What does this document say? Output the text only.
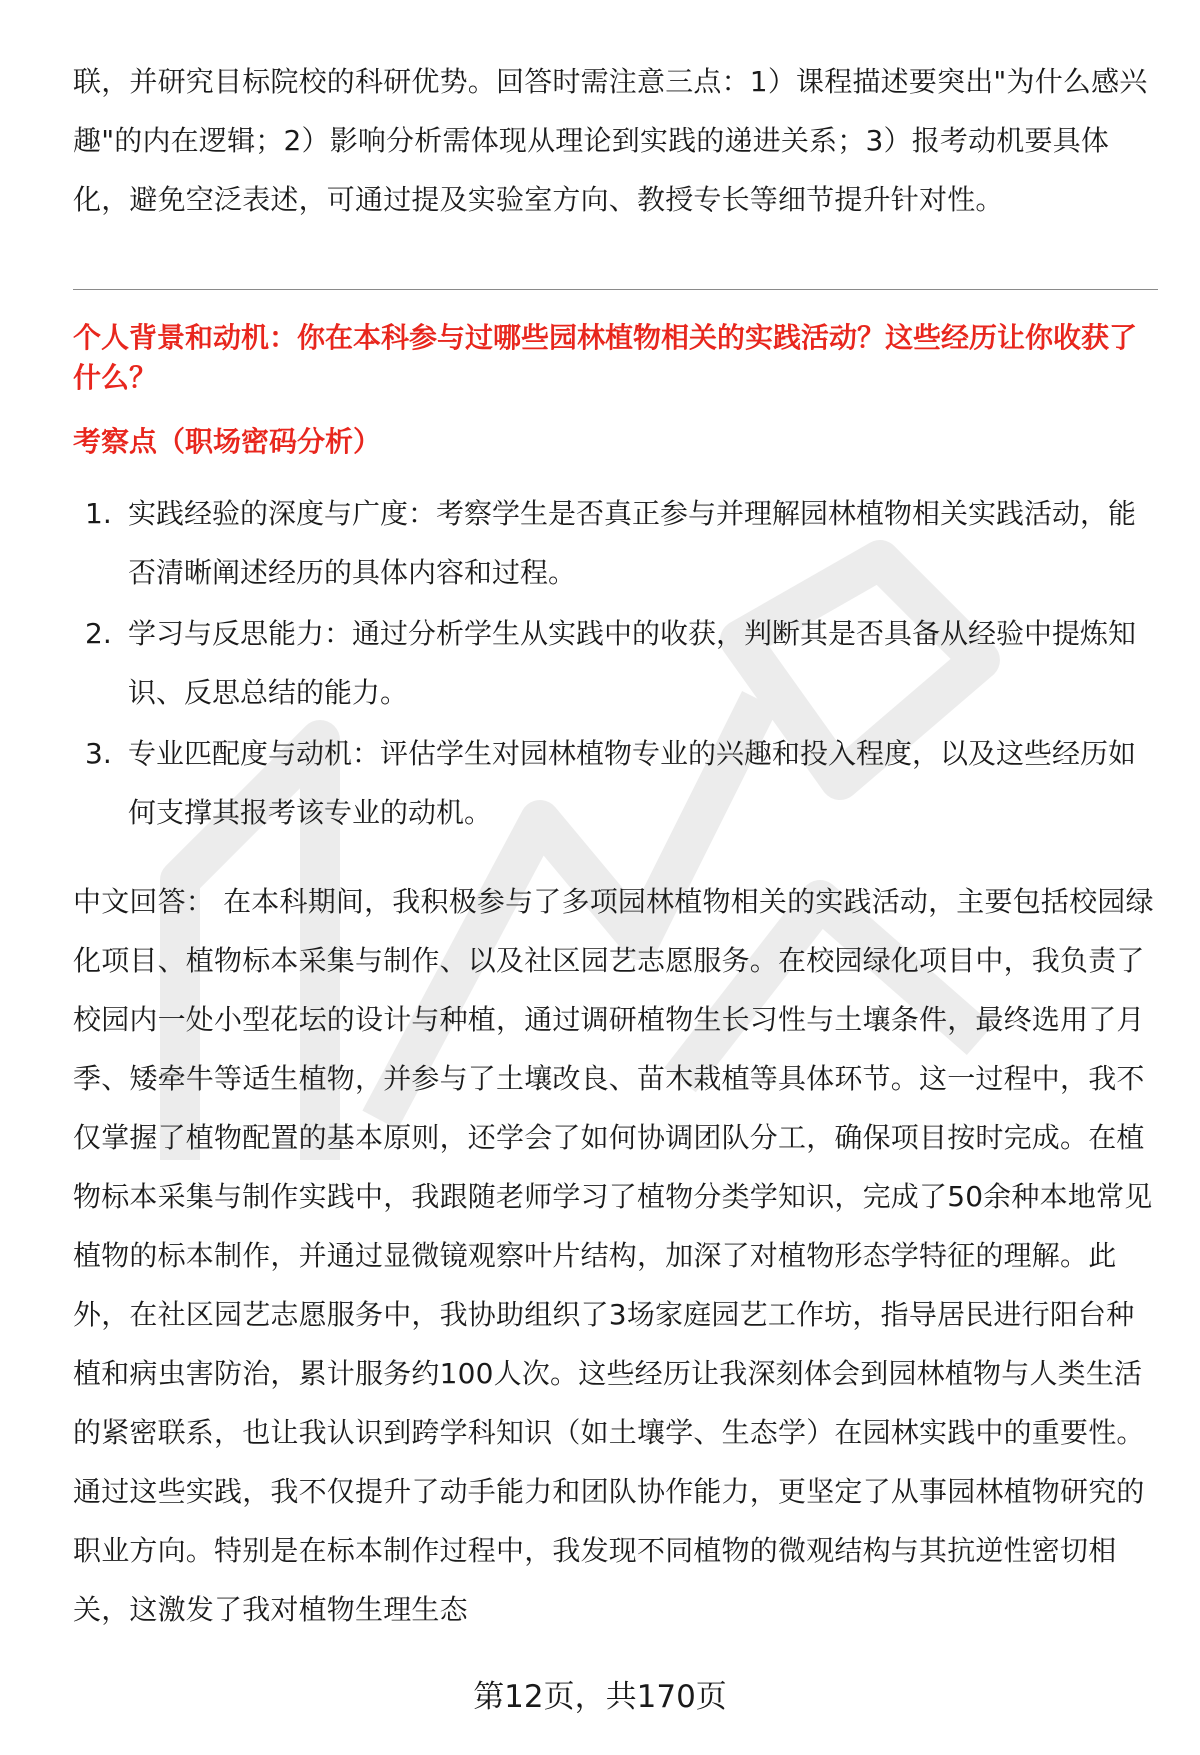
联，并研究目标院校的科研优势。回答时需注意三点：1）课程描述要突出"为什么感兴趣"的内在逻辑；2）影响分析需体现从理论到实践的递进关系；3）报考动机要具体化，避免空泛表述，可通过提及实验室方向、教授专长等细节提升针对性。

个人背景和动机：你在本科参与过哪些园林植物相关的实践活动？这些经历让你收获了什么？
考察点（职场密码分析）
1. 实践经验的深度与广度：考察学生是否真正参与并理解园林植物相关实践活动，能否清晰阐述经历的具体内容和过程。
2. 学习与反思能力：通过分析学生从实践中的收获，判断其是否具备从经验中提炼知识、反思总结的能力。
3. 专业匹配度与动机：评估学生对园林植物专业的兴趣和投入程度，以及这些经历如何支撑其报考该专业的动机。

中文回答： 在本科期间，我积极参与了多项园林植物相关的实践活动，主要包括校园绿化项目、植物标本采集与制作、以及社区园艺志愿服务。在校园绿化项目中，我负责了校园内一处小型花坛的设计与种植，通过调研植物生长习性与土壤条件，最终选用了月季、矮牵牛等适生植物，并参与了土壤改良、苗木栽植等具体环节。这一过程中，我不仅掌握了植物配置的基本原则，还学会了如何协调团队分工，确保项目按时完成。在植物标本采集与制作实践中，我跟随老师学习了植物分类学知识，完成了50余种本地常见植物的标本制作，并通过显微镜观察叶片结构，加深了对植物形态学特征的理解。此外，在社区园艺志愿服务中，我协助组织了3场家庭园艺工作坊，指导居民进行阳台种植和病虫害防治，累计服务约100人次。这些经历让我深刻体会到园林植物与人类生活的紧密联系，也让我认识到跨学科知识（如土壤学、生态学）在园林实践中的重要性。通过这些实践，我不仅提升了动手能力和团队协作能力，更坚定了从事园林植物研究的职业方向。特别是在标本制作过程中，我发现不同植物的微观结构与其抗逆性密切相关，这激发了我对植物生理生态

第12页，共170页
